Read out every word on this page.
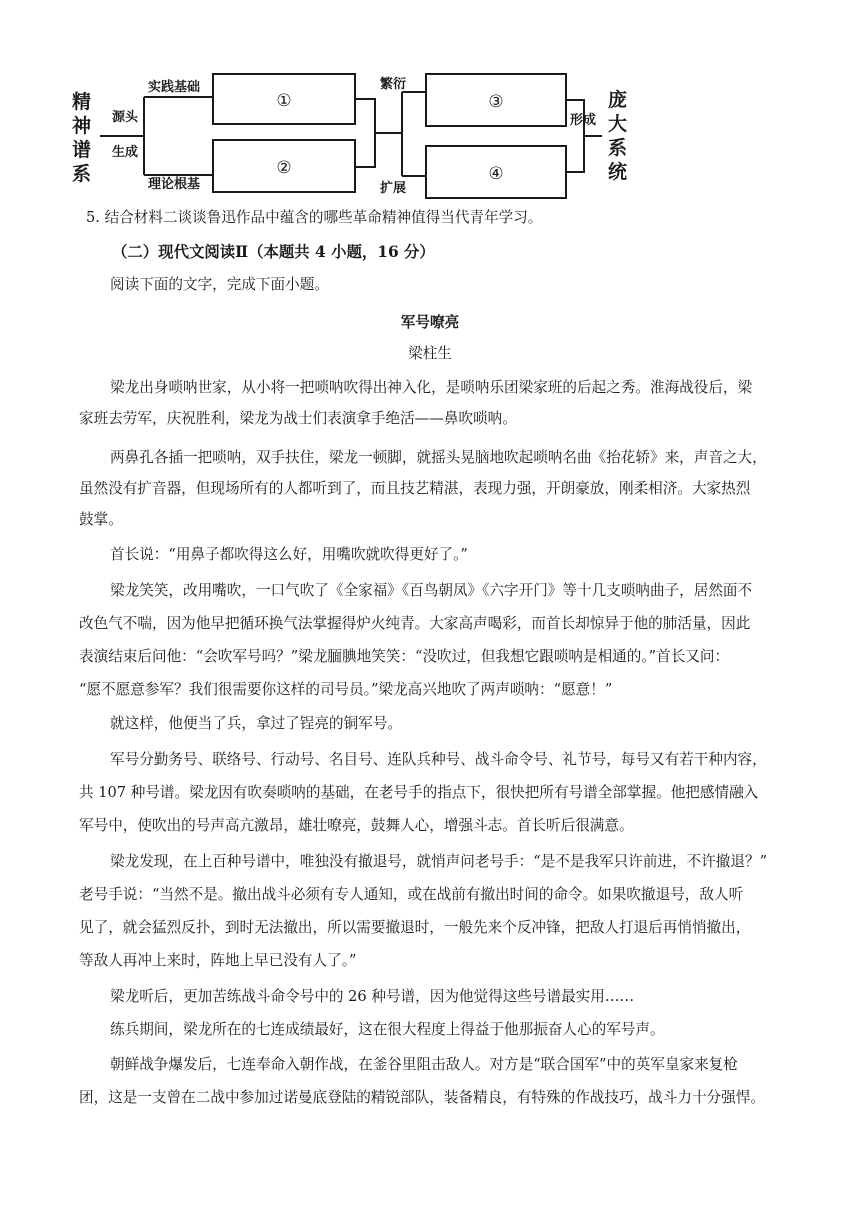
精
神
谱
系
源头
生成
实践基础
理论根基
①
②
繁衍
扩展
③
④
形成
庞
大
系
统
5. 结合材料二谈谈鲁迅作品中蕴含的哪些革命精神值得当代青年学习。
（二）现代文阅读Ⅱ（本题共 4 小题，16 分）
阅读下面的文字，完成下面小题。
军号嘹亮
梁柱生
梁龙出身唢呐世家，从小将一把唢呐吹得出神入化，是唢呐乐团梁家班的后起之秀。淮海战役后，梁
家班去劳军，庆祝胜利，梁龙为战士们表演拿手绝活——鼻吹唢呐。
两鼻孔各插一把唢呐，双手扶住，梁龙一顿脚，就摇头晃脑地吹起唢呐名曲《抬花轿》来，声音之大，
虽然没有扩音器，但现场所有的人都听到了，而且技艺精湛，表现力强，开朗豪放，刚柔相济。大家热烈
鼓掌。
首长说：“用鼻子都吹得这么好，用嘴吹就吹得更好了。”
梁龙笑笑，改用嘴吹，一口气吹了《全家福》《百鸟朝凤》《六字开门》等十几支唢呐曲子，居然面不
改色气不喘，因为他早把循环换气法掌握得炉火纯青。大家高声喝彩，而首长却惊异于他的肺活量，因此
表演结束后问他：“会吹军号吗？”梁龙腼腆地笑笑：“没吹过，但我想它跟唢呐是相通的。”首长又问：
“愿不愿意参军？我们很需要你这样的司号员。”梁龙高兴地吹了两声唢呐：“愿意！”
就这样，他便当了兵，拿过了锃亮的铜军号。
军号分勤务号、联络号、行动号、名目号、连队兵种号、战斗命令号、礼节号，每号又有若干种内容，
共 107 种号谱。梁龙因有吹奏唢呐的基础，在老号手的指点下，很快把所有号谱全部掌握。他把感情融入
军号中，使吹出的号声高亢激昂，雄壮嘹亮，鼓舞人心，增强斗志。首长听后很满意。
梁龙发现，在上百种号谱中，唯独没有撤退号，就悄声问老号手：“是不是我军只许前进，不许撤退？”
老号手说：“当然不是。撤出战斗必须有专人通知，或在战前有撤出时间的命令。如果吹撤退号，敌人听
见了，就会猛烈反扑，到时无法撤出，所以需要撤退时，一般先来个反冲锋，把敌人打退后再悄悄撤出，
等敌人再冲上来时，阵地上早已没有人了。”
梁龙听后，更加苦练战斗命令号中的 26 种号谱，因为他觉得这些号谱最实用……
练兵期间，梁龙所在的七连成绩最好，这在很大程度上得益于他那振奋人心的军号声。
朝鲜战争爆发后，七连奉命入朝作战，在釜谷里阻击敌人。对方是“联合国军”中的英军皇家来复枪
团，这是一支曾在二战中参加过诺曼底登陆的精锐部队，装备精良，有特殊的作战技巧，战斗力十分强悍。
